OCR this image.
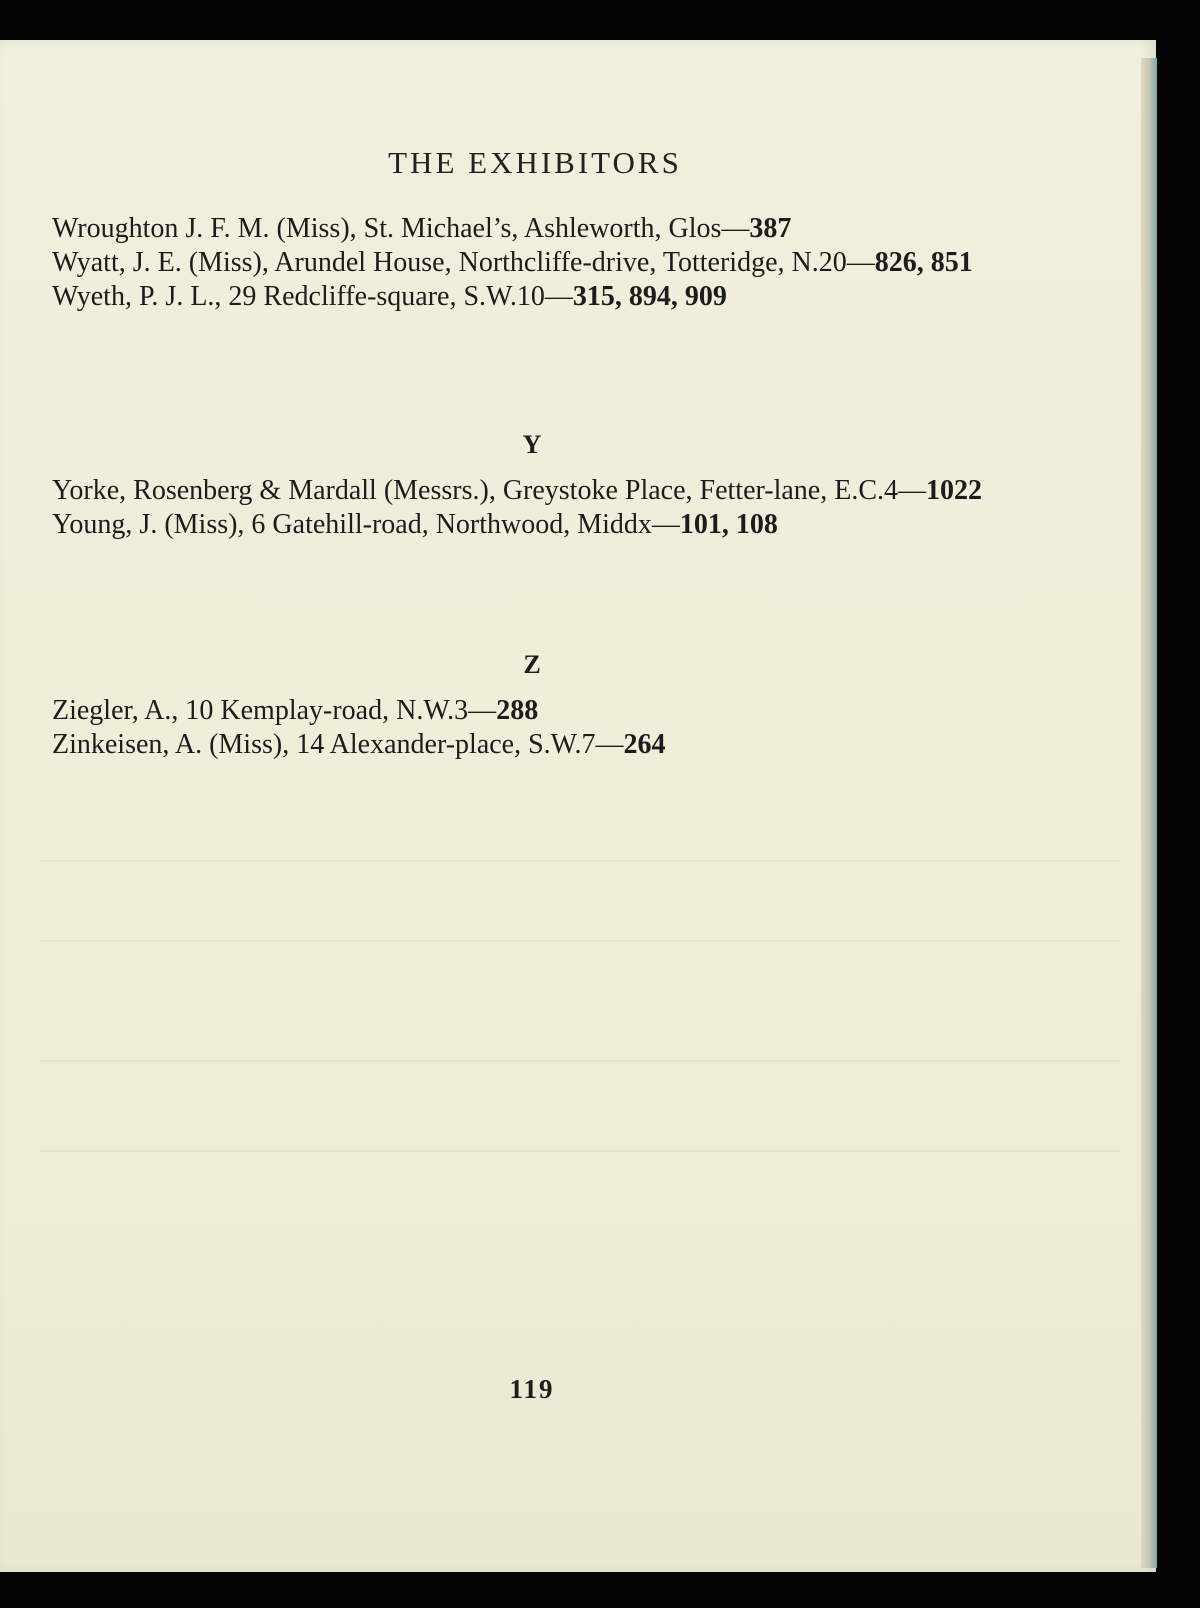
THE EXHIBITORS
Wroughton J. F. M. (Miss), St. Michael’s, Ashleworth, Glos—387
Wyatt, J. E. (Miss), Arundel House, Northcliffe-drive, Totteridge, N.20—826, 851
Wyeth, P. J. L., 29 Redcliffe-square, S.W.10—315, 894, 909
Y
Yorke, Rosenberg & Mardall (Messrs.), Greystoke Place, Fetter-lane, E.C.4—1022
Young, J. (Miss), 6 Gatehill-road, Northwood, Middx—101, 108
Z
Ziegler, A., 10 Kemplay-road, N.W.3—288
Zinkeisen, A. (Miss), 14 Alexander-place, S.W.7—264
119
